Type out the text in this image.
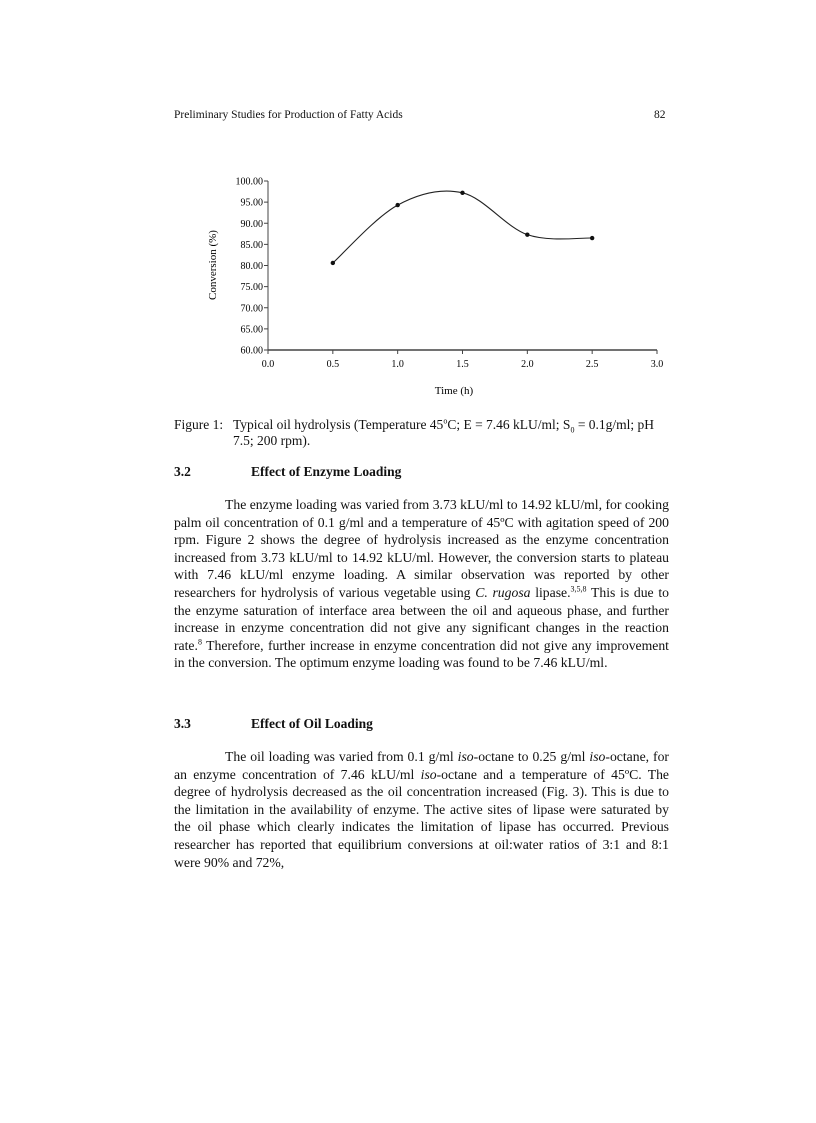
Preliminary Studies for Production of Fatty Acids	82
60.00
65.00
70.00
75.00
80.00
85.00
90.00
95.00
100.00
0.0	0.5	1.0	1.5	2.0	2.5	3.0
Conversion (%)
Time (h)
Figure 1: Typical oil hydrolysis (Temperature 45$^o$C; E = 7.46 kLU/ml; $S_0 = 0.1g/ml$; pH 7.5; 200 rpm).
3.2	Effect of Enzyme Loading

The enzyme loading was varied from 3.73 kLU/ml to 14.92 kLU/ml, for cooking palm oil concentration of 0.1 g/ml and a temperature of 45ºC with agitation speed of 200 rpm. Figure 2 shows the degree of hydrolysis increased as the enzyme concentration increased from 3.73 kLU/ml to 14.92 kLU/ml. However, the conversion starts to plateau with 7.46 kLU/ml enzyme loading. A similar observation was reported by other researchers for hydrolysis of various vegetable using C. rugosa lipase.$^{3,5,8}$ This is due to the enzyme saturation of interface area between the oil and aqueous phase, and further increase in enzyme concentration did not give any significant changes in the reaction rate.$^8$ Therefore, further increase in enzyme concentration did not give any improvement in the conversion. The optimum enzyme loading was found to be 7.46 kLU/ml.

3.3	Effect of Oil Loading

The oil loading was varied from 0.1 g/ml iso-octane to 0.25 g/ml iso-octane, for an enzyme concentration of 7.46 kLU/ml iso-octane and a temperature of 45ºC. The degree of hydrolysis decreased as the oil concentration increased (Fig. 3). This is due to the limitation in the availability of enzyme. The active sites of lipase were saturated by the oil phase which clearly indicates the limitation of lipase has occurred. Previous researcher has reported that equilibrium conversions at oil:water ratios of 3:1 and 8:1 were 90% and 72%,
